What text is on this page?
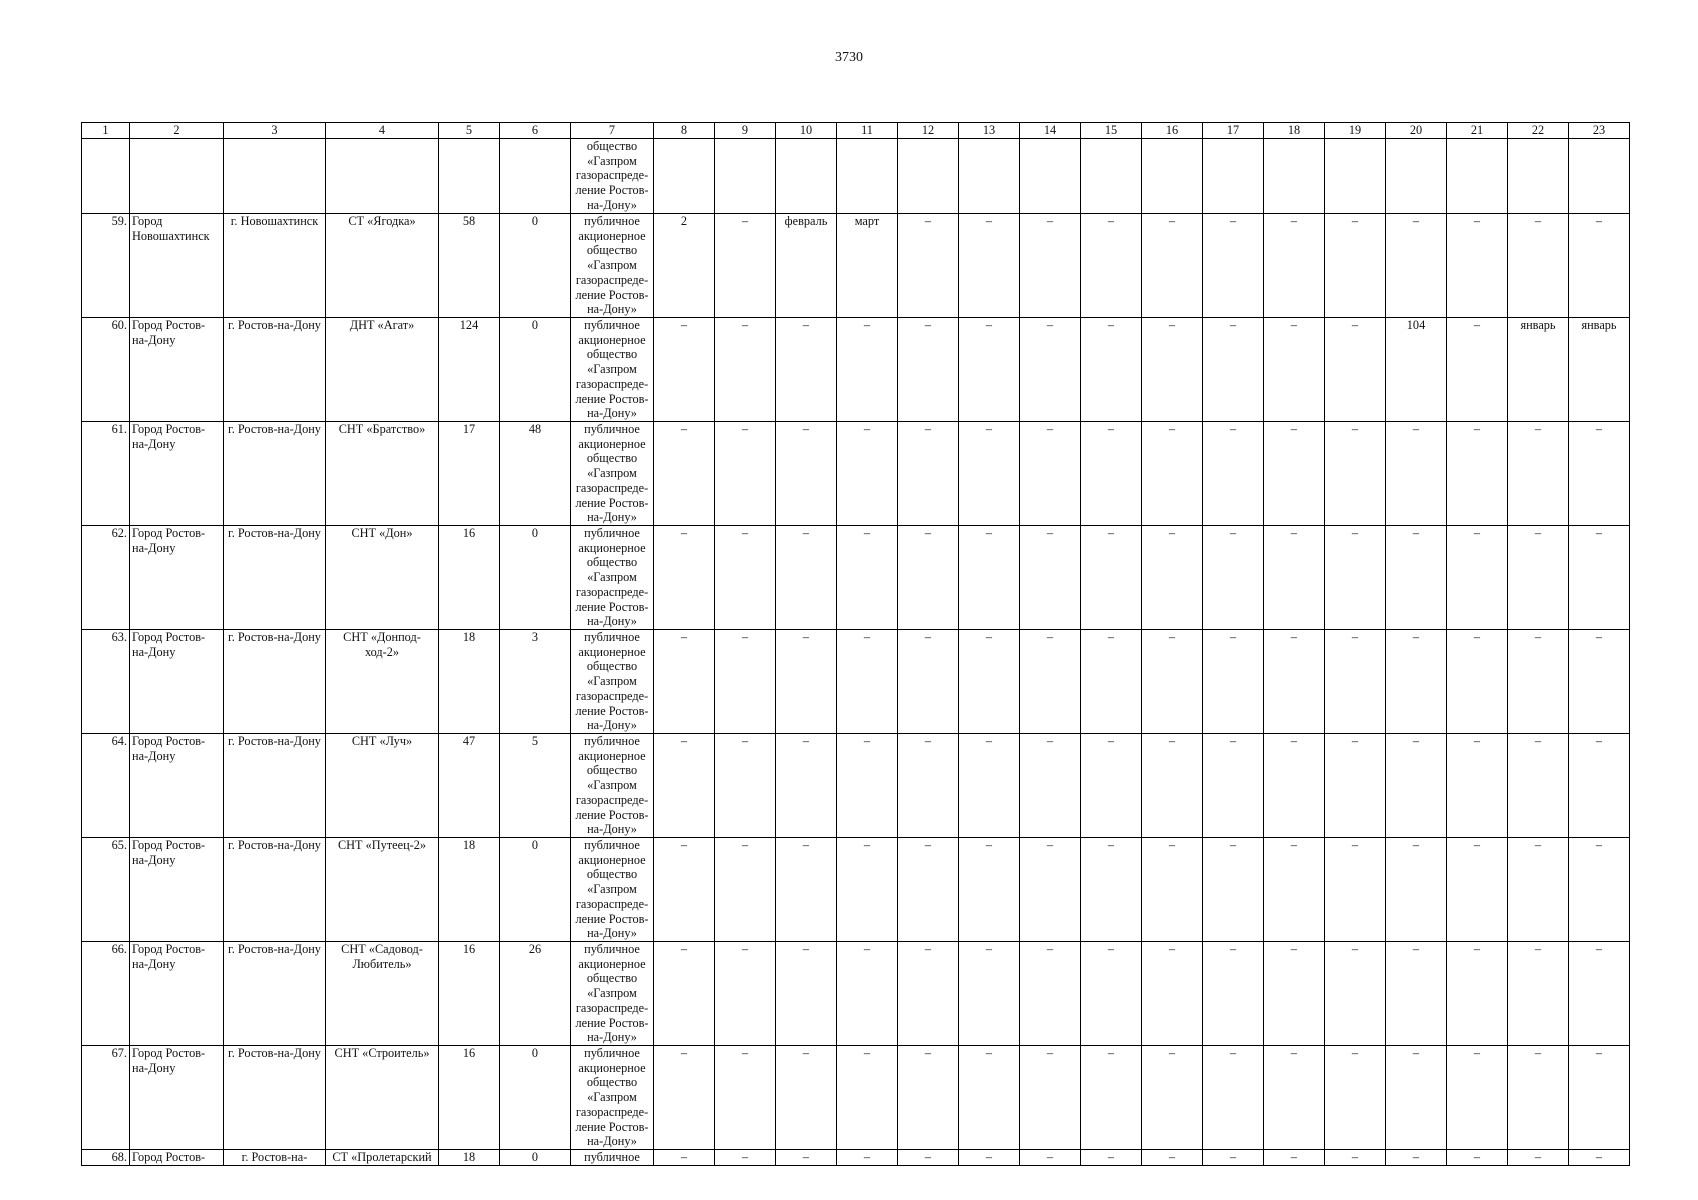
3730
1	2	3	4	5	6	7	8	9	10	11	12	13	14	15	16	17	18	19	20	21	22	23
						общество «Газпром газораспреде-ление Ростов-на-Дону»																
59.	Город Новошахтинск	г. Новошахтинск	СТ «Ягодка»	58	0	публичное акционерное общество «Газпром газораспреде-ление Ростов-на-Дону»	2	–	февраль	март	–	–	–	–	–	–	–	–	–	–	–	–
60.	Город Ростов-на-Дону	г. Ростов-на-Дону	ДНТ «Агат»	124	0	публичное акционерное общество «Газпром газораспреде-ление Ростов-на-Дону»	–	–	–	–	–	–	–	–	–	–	–	–	104	–	январь	январь
61.	Город Ростов-на-Дону	г. Ростов-на-Дону	СНТ «Братство»	17	48	публичное акционерное общество «Газпром газораспреде-ление Ростов-на-Дону»	–	–	–	–	–	–	–	–	–	–	–	–	–	–	–	–
62.	Город Ростов-на-Дону	г. Ростов-на-Дону	СНТ «Дон»	16	0	публичное акционерное общество «Газпром газораспреде-ление Ростов-на-Дону»	–	–	–	–	–	–	–	–	–	–	–	–	–	–	–	–
63.	Город Ростов-на-Дону	г. Ростов-на-Дону	СНТ «Донпод-ход-2»	18	3	публичное акционерное общество «Газпром газораспреде-ление Ростов-на-Дону»	–	–	–	–	–	–	–	–	–	–	–	–	–	–	–	–
64.	Город Ростов-на-Дону	г. Ростов-на-Дону	СНТ «Луч»	47	5	публичное акционерное общество «Газпром газораспреде-ление Ростов-на-Дону»	–	–	–	–	–	–	–	–	–	–	–	–	–	–	–	–
65.	Город Ростов-на-Дону	г. Ростов-на-Дону	СНТ «Путеец-2»	18	0	публичное акционерное общество «Газпром газораспреде-ление Ростов-на-Дону»	–	–	–	–	–	–	–	–	–	–	–	–	–	–	–	–
66.	Город Ростов-на-Дону	г. Ростов-на-Дону	СНТ «Садовод-Любитель»	16	26	публичное акционерное общество «Газпром газораспреде-ление Ростов-на-Дону»	–	–	–	–	–	–	–	–	–	–	–	–	–	–	–	–
67.	Город Ростов-на-Дону	г. Ростов-на-Дону	СНТ «Строитель»	16	0	публичное акционерное общество «Газпром газораспреде-ление Ростов-на-Дону»	–	–	–	–	–	–	–	–	–	–	–	–	–	–	–	–
68.	Город Ростов-	г. Ростов-на-	СТ «Пролетарский	18	0	публичное	–	–	–	–	–	–	–	–	–	–	–	–	–	–	–	–
